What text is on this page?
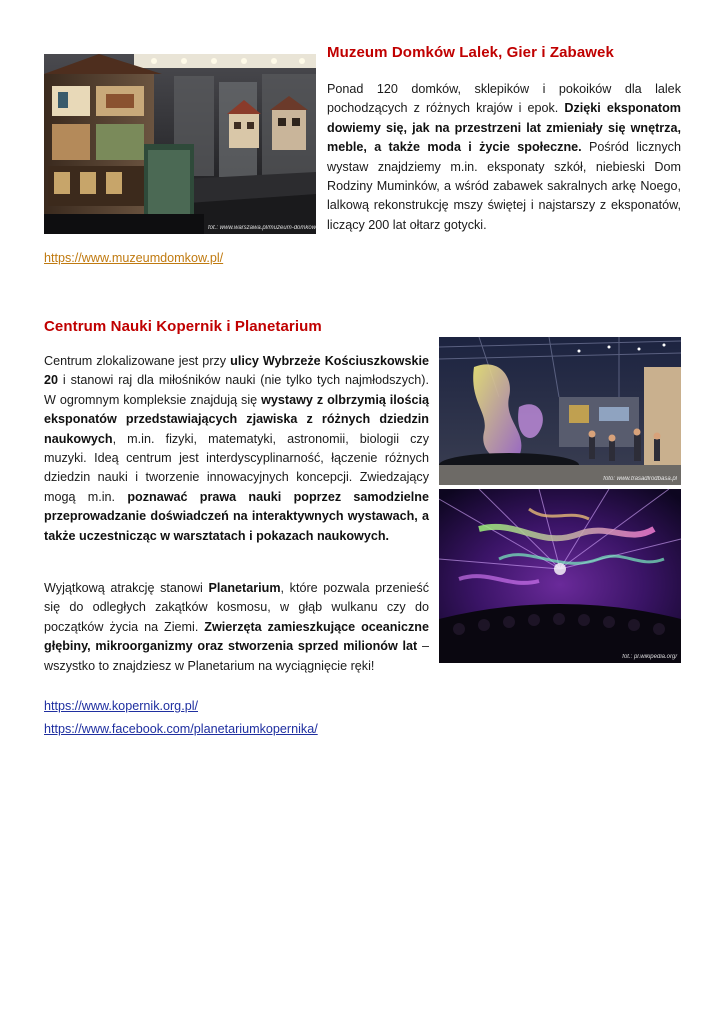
fot.: www.warszawa.pl/muzeum-domkow-lalek-gier-i-zabawek/
Muzeum Domków Lalek, Gier i Zabawek
Ponad 120 domków, sklepików i pokoików dla lalek pochodzących z różnych krajów i epok. Dzięki eksponatom dowiemy się, jak na przestrzeni lat zmieniały się wnętrza, meble, a także moda i życie społeczne. Pośród licznych wystaw znajdziemy m.in. eksponaty szkół, niebieski Dom Rodziny Muminków, a wśród zabawek sakralnych arkę Noego, lalkową rekonstrukcję mszy świętej i najstarszy z eksponatów, liczący 200 lat ołtarz gotycki.
https://www.muzeumdomkow.pl/
Centrum Nauki Kopernik i Planetarium
Centrum zlokalizowane jest przy ulicy Wybrzeże Kościuszkowskie 20 i stanowi raj dla miłośników nauki (nie tylko tych najmłodszych). W ogromnym kompleksie znajdują się wystawy z olbrzymią ilością eksponatów przedstawiających zjawiska z różnych dziedzin naukowych, m.in. fizyki, matematyki, astronomii, biologii czy muzyki. Ideą centrum jest interdyscyplinarność, łączenie różnych dziedzin nauki i tworzenie innowacyjnych koncepcji. Zwiedzający mogą m.in. poznawać prawa nauki poprzez samodzielne przeprowadzanie doświadczeń na interaktywnych wystawach, a także uczestnicząc w warsztatach i pokazach naukowych.
Wyjątkową atrakcję stanowi Planetarium, które pozwala przenieść się do odległych zakątków kosmosu, w głąb wulkanu czy do początków życia na Ziemi. Zwierzęta zamieszkujące oceaniczne głębiny, mikroorganizmy oraz stworzenia sprzed milionów lat – wszystko to znajdziesz w Planetarium na wyciągnięcie ręki!
https://www.kopernik.org.pl/
https://www.facebook.com/planetariumkopernika/
foto: www.trasadlrodbasa.pl
fot.: pl.wikipedia.org/
